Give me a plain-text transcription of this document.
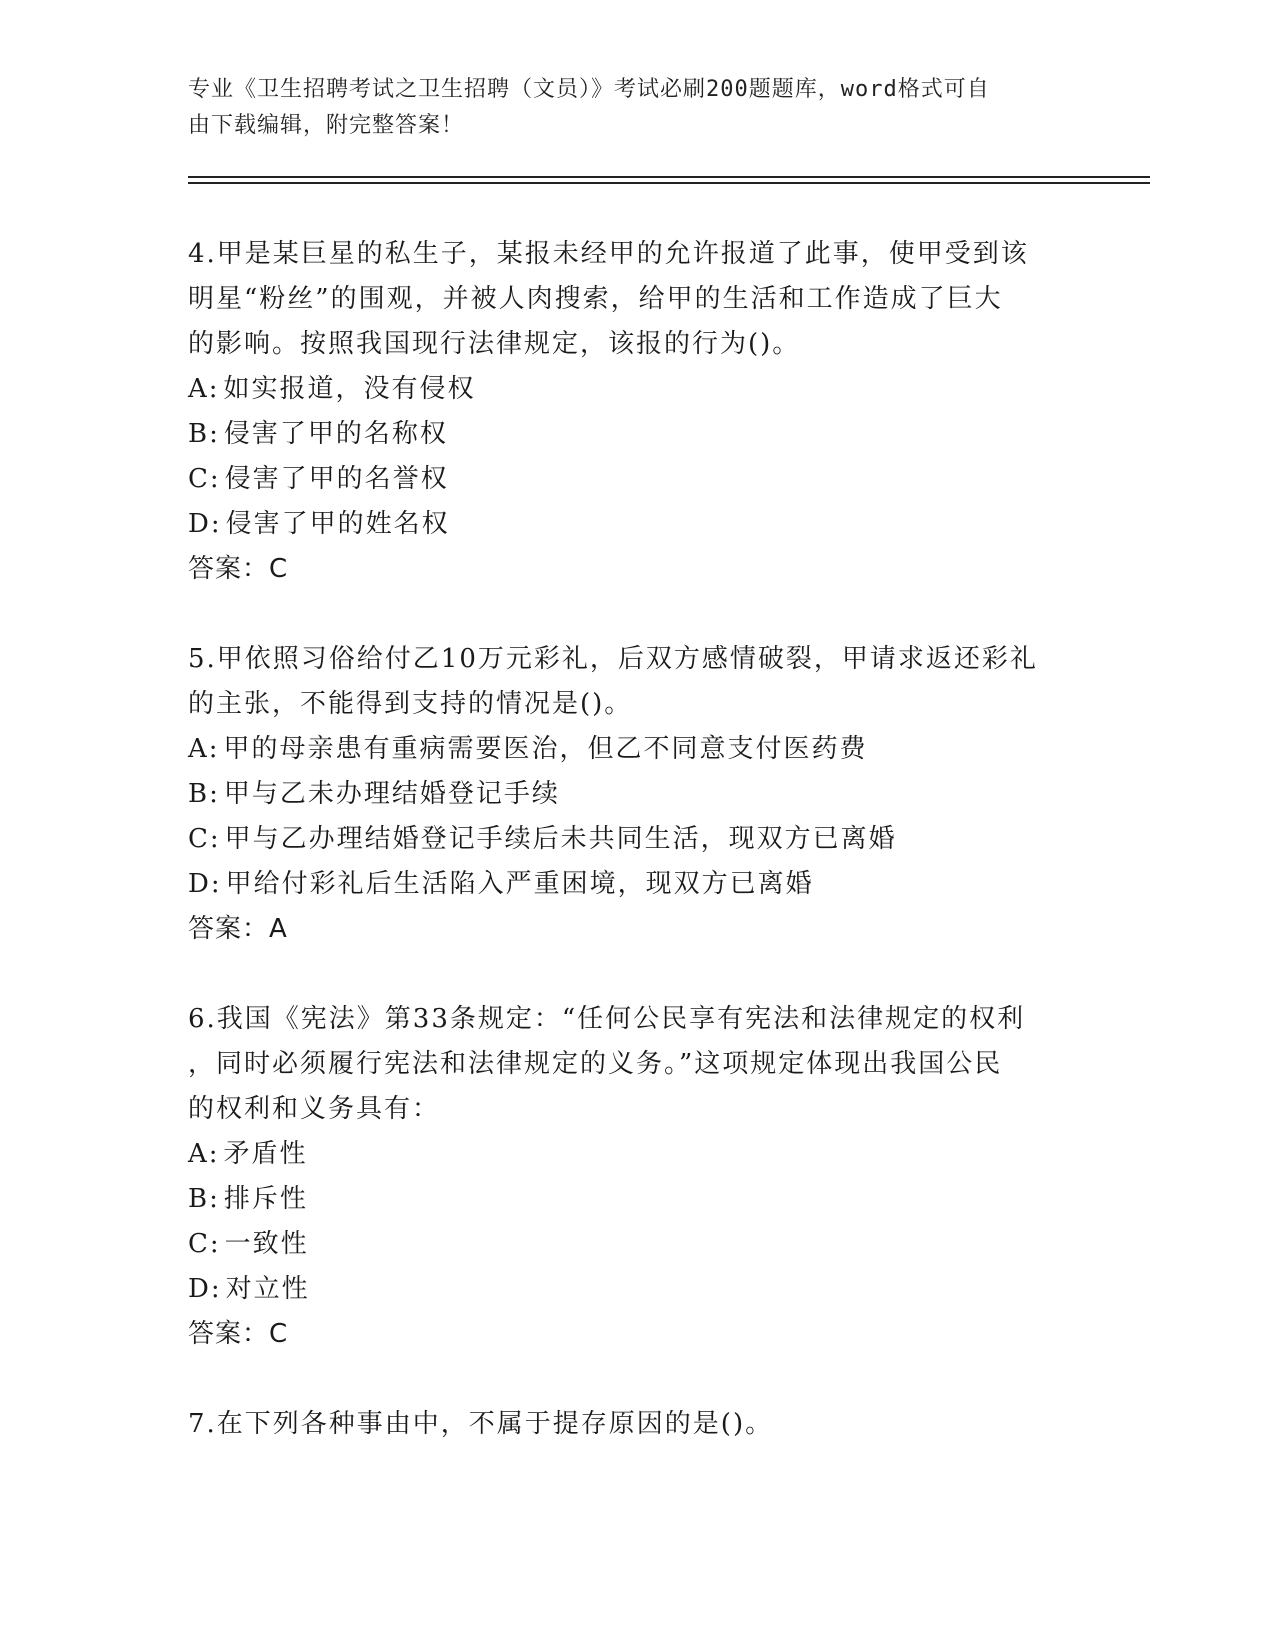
专业《卫生招聘考试之卫生招聘（文员）》考试必刷200题题库，word格式可自
由下载编辑，附完整答案！
4.甲是某巨星的私生子，某报未经甲的允许报道了此事，使甲受到该
明星“粉丝”的围观，并被人肉搜索，给甲的生活和工作造成了巨大
的影响。按照我国现行法律规定，该报的行为()。
A: 如实报道，没有侵权
B: 侵害了甲的名称权
C: 侵害了甲的名誉权
D: 侵害了甲的姓名权
答案：C
5.甲依照习俗给付乙10万元彩礼，后双方感情破裂，甲请求返还彩礼
的主张，不能得到支持的情况是()。
A: 甲的母亲患有重病需要医治，但乙不同意支付医药费
B: 甲与乙未办理结婚登记手续
C: 甲与乙办理结婚登记手续后未共同生活，现双方已离婚
D: 甲给付彩礼后生活陷入严重困境，现双方已离婚
答案：A
6.我国《宪法》第33条规定：“任何公民享有宪法和法律规定的权利
，同时必须履行宪法和法律规定的义务。”这项规定体现出我国公民
的权利和义务具有：
A: 矛盾性
B: 排斥性
C: 一致性
D: 对立性
答案：C
7.在下列各种事由中，不属于提存原因的是()。
